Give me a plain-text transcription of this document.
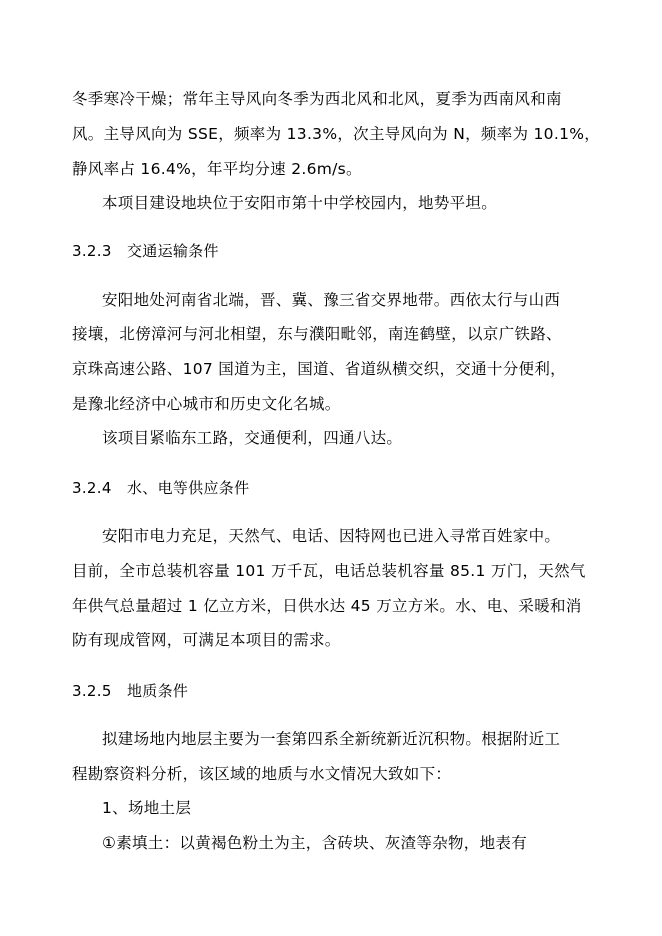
冬季寒冷干燥；常年主导风向冬季为西北风和北风，夏季为西南风和南
风。主导风向为 SSE，频率为 13.3%，次主导风向为 N，频率为 10.1%，
静风率占 16.4%，年平均分速 2.6m/s。
本项目建设地块位于安阳市第十中学校园内，地势平坦。
3.2.3　交通运输条件
安阳地处河南省北端，晋、冀、豫三省交界地带。西依太行与山西
接壤，北傍漳河与河北相望，东与濮阳毗邻，南连鹤壁，以京广铁路、
京珠高速公路、107 国道为主，国道、省道纵横交织，交通十分便利，
是豫北经济中心城市和历史文化名城。
该项目紧临东工路，交通便利，四通八达。
3.2.4　水、电等供应条件
安阳市电力充足，天然气、电话、因特网也已进入寻常百姓家中。
目前，全市总装机容量 101 万千瓦，电话总装机容量 85.1 万门，天然气
年供气总量超过 1 亿立方米，日供水达 45 万立方米。水、电、采暖和消
防有现成管网，可满足本项目的需求。
3.2.5　地质条件
拟建场地内地层主要为一套第四系全新统新近沉积物。根据附近工
程勘察资料分析，该区域的地质与水文情况大致如下：
1、场地土层
①素填土：以黄褐色粉土为主，含砖块、灰渣等杂物，地表有
